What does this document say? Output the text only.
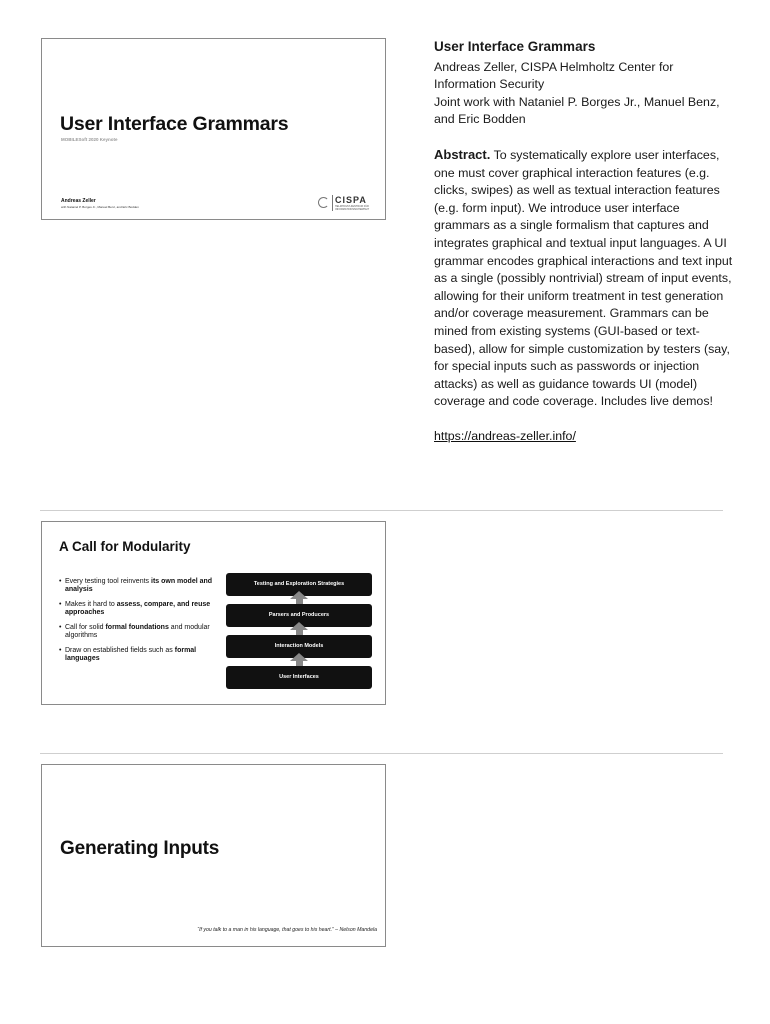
User Interface Grammars
MOBILESoft 2020 Keynote
Andreas Zeller
with Nataniel P. Borges Jr., Manuel Benz, and Eric Bodden
CISPA
HELMHOLTZ-ZENTRUM FÜR INFORMATIONSSICHERHEIT
User Interface Grammars

Andreas Zeller, CISPA Helmholtz Center for Information Security

Joint work with Nataniel P. Borges Jr., Manuel Benz, and Eric Bodden

Abstract. To systematically explore user interfaces, one must cover graphical interaction features (e.g. clicks, swipes) as well as textual interaction features (e.g. form input). We introduce user interface grammars as a single formalism that captures and integrates graphical and textual input languages. A UI grammar encodes graphical interactions and text input as a single (possibly nontrivial) stream of input events, allowing for their uniform treatment in test generation and/or coverage measurement. Grammars can be mined from existing systems (GUI-based or text-based), allow for simple customization by testers (say, for special inputs such as passwords or injection attacks) as well as guidance towards UI (model) coverage and code coverage. Includes live demos!

https://andreas-zeller.info/

A Call for Modularity
• Every testing tool reinvents its own model and analysis
• Makes it hard to assess, compare, and reuse approaches
• Call for solid formal foundations and modular algorithms
• Draw on established fields such as formal languages
Testing and Exploration Strategies
Parsers and Producers
Interaction Models
User Interfaces
Generating Inputs
“If you talk to a man in his language, that goes to his heart.” – Nelson Mandela
